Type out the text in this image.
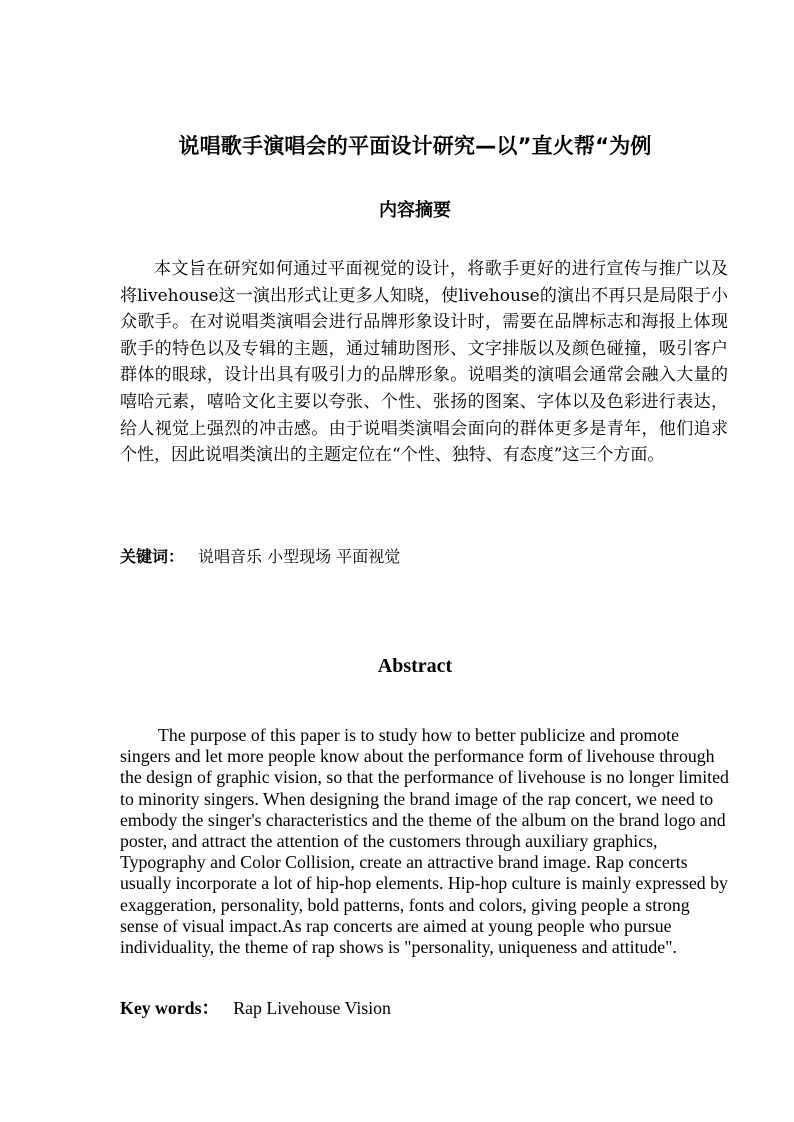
说唱歌手演唱会的平面设计研究—以”直火帮“为例
内容摘要

本文旨在研究如何通过平面视觉的设计，将歌手更好的进行宣传与推广以及将livehouse这一演出形式让更多人知晓，使livehouse的演出不再只是局限于小众歌手。在对说唱类演唱会进行品牌形象设计时，需要在品牌标志和海报上体现歌手的特色以及专辑的主题，通过辅助图形、文字排版以及颜色碰撞，吸引客户群体的眼球，设计出具有吸引力的品牌形象。说唱类的演唱会通常会融入大量的嘻哈元素，嘻哈文化主要以夸张、个性、张扬的图案、字体以及色彩进行表达，给人视觉上强烈的冲击感。由于说唱类演唱会面向的群体更多是青年，他们追求个性，因此说唱类演出的主题定位在“个性、独特、有态度”这三个方面。

关键词： 说唱音乐 小型现场 平面视觉
Abstract

The purpose of this paper is to study how to better publicize and promote singers and let more people know about the performance form of livehouse through the design of graphic vision, so that the performance of livehouse is no longer limited to minority singers. When designing the brand image of the rap concert, we need to embody the singer's characteristics and the theme of the album on the brand logo and poster, and attract the attention of the customers through auxiliary graphics, Typography and Color Collision, create an attractive brand image. Rap concerts usually incorporate a lot of hip-hop elements. Hip-hop culture is mainly expressed by exaggeration, personality, bold patterns, fonts and colors, giving people a strong sense of visual impact.As rap concerts are aimed at young people who pursue individuality, the theme of rap shows is "personality, uniqueness and attitude".

Key words： Rap Livehouse Vision
